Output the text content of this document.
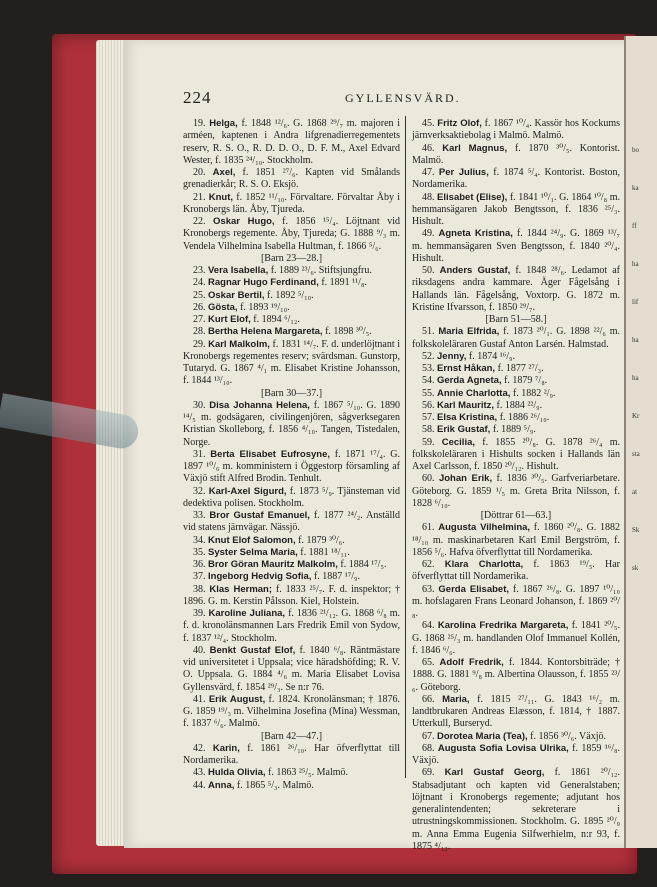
bo
ka
ff
ha
lif
ha
ha
Kr
sta
at
Sk
sk
224	GYLLENSVÄRD.

19. Helga, f. 1848 ¹²/₆. G. 1868 ²⁹/₇ m. majoren i arméen, kaptenen i Andra lifgrenadierregementets reserv, R. S. O., R. D. D. O., D. F. M., Axel Edvard Wester, f. 1835 ²⁴/₁₀. Stockholm.

20. Axel, f. 1851 ²⁷/₆. Kapten vid Smålands grenadierkår; R. S. O. Eksjö.

21. Knut, f. 1852 ¹¹/₁₀. Förvaltare. Förvaltar Åby i Kronobergs län. Åby, Tjureda.

22. Oskar Hugo, f. 1856 ¹⁵/₄. Löjtnant vid Kronobergs regemente. Åby, Tjureda; G. 1888 ⁹/₃ m. Vendela Vilhelmina Isabella Hultman, f. 1866 ⁵/₆.

[Barn 23—28.]

23. Vera Isabella, f. 1889 ²³/₆. Stiftsjungfru.

24. Ragnar Hugo Ferdinand, f. 1891 ¹¹/₈.

25. Oskar Bertil, f. 1892 ⁵/₁₀.

26. Gösta, f. 1893 ¹⁹/₁₀.

27. Kurt Elof, f. 1894 ⁶/₁₂.

28. Bertha Helena Margareta, f. 1898 ³⁰/₅.

29. Karl Malkolm, f. 1831 ¹⁴/₇. F. d. underlöjtnant i Kronobergs regementes reserv; svärdsman. Gunstorp, Tutaryd. G. 1867 ⁴/₁ m. Elisabet Kristine Johansson, f. 1844 ¹³/₁₀.

[Barn 30—37.]

30. Disa Johanna Helena, f. 1867 ⁵/₁₀. G. 1890 ¹⁴/₅ m. godsägaren, civilingenjören, sågverksegaren Kristian Skolleborg, f. 1856 ⁴/₁₀. Tangen, Tistedalen, Norge.

31. Berta Elisabet Eufrosyne, f. 1871 ¹⁷/₄. G. 1897 ¹⁰/₆ m. komministern i Öggestorp församling af Växjö stift Alfred Brodin. Tenhult.

32. Karl-Axel Sigurd, f. 1873 ⁵/₉. Tjänsteman vid dedektiva polisen. Stockholm.

33. Bror Gustaf Emanuel, f. 1877 ²⁴/₂. Anställd vid statens järnvägar. Nässjö.

34. Knut Elof Salomon, f. 1879 ³⁰/₆.

35. Syster Selma Maria, f. 1881 ¹⁸/₁₁.

36. Bror Göran Mauritz Malkolm, f. 1884 ¹⁷/₅.

37. Ingeborg Hedvig Sofia, f. 1887 ¹⁷/₉.

38. Klas Herman; f. 1833 ²⁵/₇. F. d. inspektor; † 1896. G. m. Kerstin Pålsson. Kiel, Holstein.

39. Karoline Juliana, f. 1836 ²¹/₁₂. G. 1868 ⁶/₈ m. f. d. kronolänsmannen Lars Fredrik Emil von Sydow, f. 1837 ¹²/₄. Stockholm.

40. Benkt Gustaf Elof, f. 1840 ⁶/₈. Räntmästare vid universitetet i Uppsala; vice häradshöfding; R. V. O. Uppsala. G. 1884 ⁴/₆ m. Maria Elisabet Lovisa Gyllensvärd, f. 1854 ²⁹/₃. Se n:r 76.

41. Erik August, f. 1824. Kronolänsman; † 1876. G. 1859 ¹⁹/₃ m. Vilhelmina Josefina (Mina) Wessman, f. 1837 ⁶/₆. Malmö.

[Barn 42—47.]

42. Karin, f. 1861 ²⁶/₁₀. Har öfverflyttat till Nordamerika.

43. Hulda Olivia, f. 1863 ²⁵/₅. Malmö.

44. Anna, f. 1865 ⁵/₃. Malmö.

45. Fritz Olof, f. 1867 ¹⁰/₄. Kassör hos Kockums järnverksaktiebolag i Malmö. Malmö.

46. Karl Magnus, f. 1870 ³⁰/₅. Kontorist. Malmö.

47. Per Julius, f. 1874 ⁵/₄. Kontorist. Boston, Nordamerika.

48. Elisabet (Elise), f. 1841 ¹⁰/₁. G. 1864 ¹⁰/₈ m. hemmansägaren Jakob Bengtsson, f. 1836 ²⁵/₃. Hishult.

49. Agneta Kristina, f. 1844 ²⁴/₉. G. 1869 ¹³/₇ m. hemmansägaren Sven Bengtsson, f. 1840 ²⁰/₄. Hishult.

50. Anders Gustaf, f. 1848 ²⁸/₆. Ledamot af riksdagens andra kammare. Äger Fågelsång i Hallands län. Fågelsång, Voxtorp. G. 1872 m. Kristine Ifvarsson, f. 1850 ²⁹/₇.

[Barn 51—58.]

51. Maria Elfrida, f. 1873 ²⁰/₁. G. 1898 ²²/₆ m. folkskoleläraren Gustaf Anton Larsén. Halmstad.

52. Jenny, f. 1874 ¹⁶/₉.

53. Ernst Håkan, f. 1877 ²⁷/₃.

54. Gerda Agneta, f. 1879 ⁷/₈.

55. Annie Charlotta, f. 1882 ²/₉.

56. Karl Mauritz, f. 1884 ²²/₉.

57. Elsa Kristina, f. 1886 ²⁶/₁₀.

58. Erik Gustaf, f. 1889 ⁵/₉.

59. Cecilia, f. 1855 ²⁰/₈. G. 1878 ²⁶/₄ m. folkskoleläraren i Hishults socken i Hallands län Axel Carlsson, f. 1850 ²⁰/₁₂. Hishult.

60. Johan Erik, f. 1836 ³⁰/₅. Garfveriarbetare. Göteborg. G. 1859 ¹/₅ m. Greta Brita Nilsson, f. 1828 ⁶/₁₀.

[Döttrar 61—63.]

61. Augusta Vilhelmina, f. 1860 ²⁰/₈. G. 1882 ¹⁸/₁₀ m. maskinarbetaren Karl Emil Bergström, f. 1856 ⁵/₆. Hafva öfverflyttat till Nordamerika.

62. Klara Charlotta, f. 1863 ¹⁹/₅. Har öfverflyttat till Nordamerika.

63. Gerda Elisabet, f. 1867 ²⁶/₈. G. 1897 ¹⁰/₁₀ m. hofslagaren Frans Leonard Johanson, f. 1869 ²⁰/₈.

64. Karolina Fredrika Margareta, f. 1841 ²⁰/₅. G. 1868 ²⁵/₃ m. handlanden Olof Immanuel Kollén, f. 1846 ⁶/₆.

65. Adolf Fredrik, f. 1844. Kontorsbiträde; † 1888. G. 1881 ⁹/₈ m. Albertina Olausson, f. 1855 ²³/₆. Göteborg.

66. Maria, f. 1815 ²⁷/₁₁. G. 1843 ¹⁶/₂ m. landtbrukaren Andreas Elæsson, f. 1814, † 1887. Utterkull, Burseryd.

67. Dorotea Maria (Tea), f. 1856 ³⁰/₆. Växjö.

68. Augusta Sofia Lovisa Ulrika, f. 1859 ¹⁶/₈. Växjö.

69. Karl Gustaf Georg, f. 1861 ²⁰/₁₂. Stabsadjutant och kapten vid Generalstaben; löjtnant i Kronobergs regemente; adjutant hos generalintendenten; sekreterare i utrustningskommissionen. Stockholm. G. 1895 ²⁰/₉ m. Anna Emma Eugenia Silfwerhielm, n:r 93, f. 1875 ⁴/₁₂.
